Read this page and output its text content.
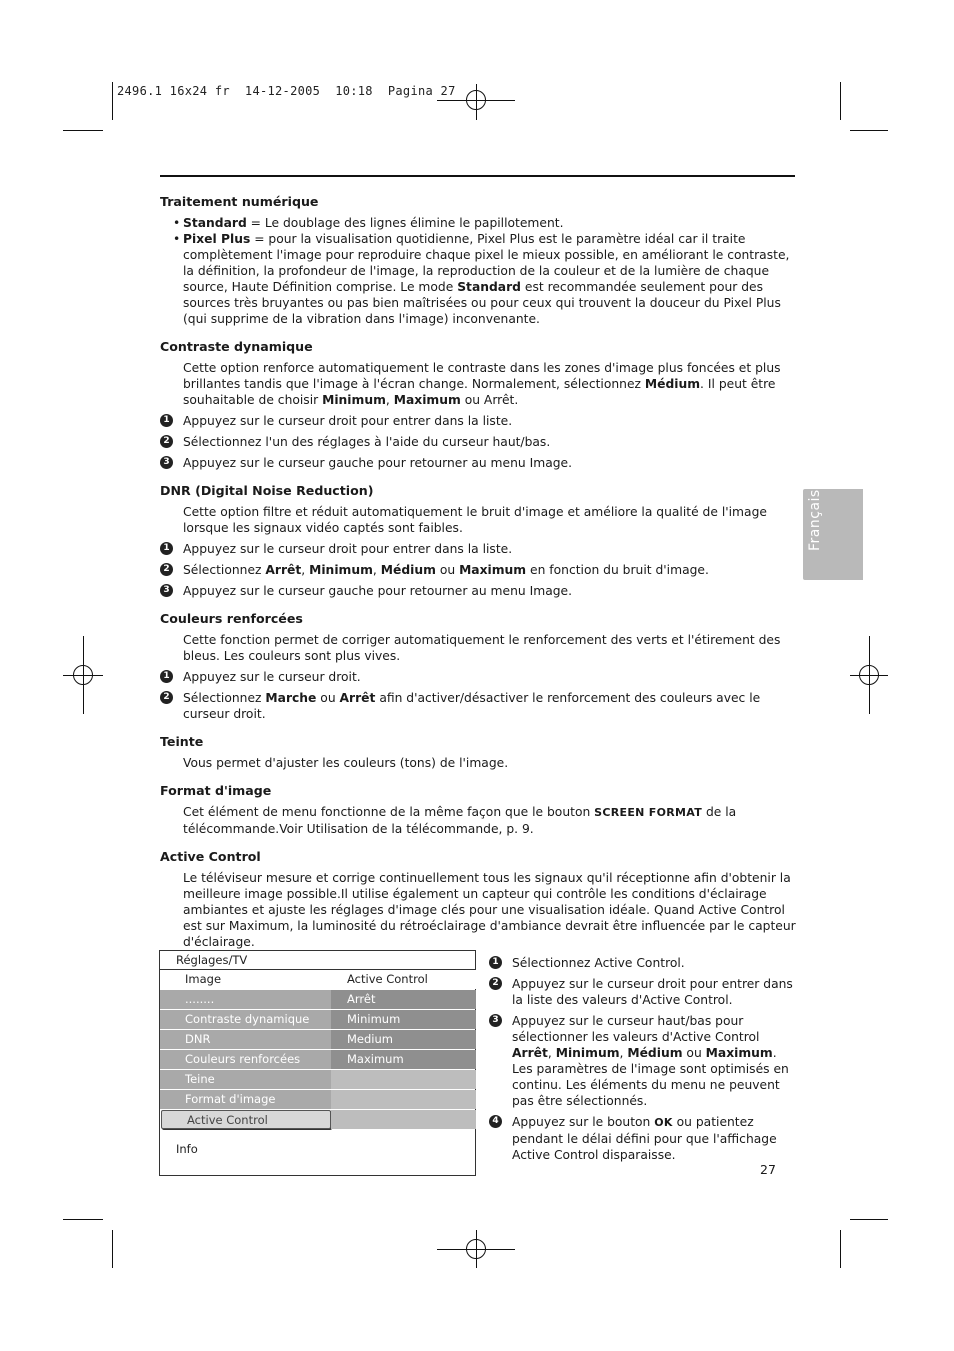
2496.1 16x24 fr  14-12-2005  10:18  Pagina 27
Français
Traitement numérique
• Standard = Le doublage des lignes élimine le papillotement.
• Pixel Plus = pour la visualisation quotidienne, Pixel Plus est le paramètre idéal car il traite complètement l'image pour reproduire chaque pixel le mieux possible, en améliorant le contraste, la définition, la profondeur de l'image, la reproduction de la couleur et de la lumière de chaque source, Haute Définition comprise. Le mode Standard est recommandée seulement pour des sources très bruyantes ou pas bien maîtrisées ou pour ceux qui trouvent la douceur du Pixel Plus (qui supprime de la vibration dans l'image) inconvenante.
Contraste dynamique
Cette option renforce automatiquement le contraste dans les zones d'image plus foncées et plus brillantes tandis que l'image à l'écran change. Normalement, sélectionnez Médium. Il peut être souhaitable de choisir Minimum, Maximum ou Arrêt.
1 Appuyez sur le curseur droit pour entrer dans la liste.
2 Sélectionnez l'un des réglages à l'aide du curseur haut/bas.
3 Appuyez sur le curseur gauche pour retourner au menu Image.
DNR (Digital Noise Reduction)
Cette option filtre et réduit automatiquement le bruit d'image et améliore la qualité de l'image lorsque les signaux vidéo captés sont faibles.
1 Appuyez sur le curseur droit pour entrer dans la liste.
2 Sélectionnez Arrêt, Minimum, Médium ou Maximum en fonction du bruit d'image.
3 Appuyez sur le curseur gauche pour retourner au menu Image.
Couleurs renforcées
Cette fonction permet de corriger automatiquement le renforcement des verts et l'étirement des bleus. Les couleurs sont plus vives.
1 Appuyez sur le curseur droit.
2 Sélectionnez Marche ou Arrêt afin d'activer/désactiver le renforcement des couleurs avec le curseur droit.
Teinte
Vous permet d'ajuster les couleurs (tons) de l'image.
Format d'image
Cet élément de menu fonctionne de la même façon que le bouton SCREEN FORMAT de la télécommande.Voir Utilisation de la télécommande, p. 9.
Active Control
Le téléviseur mesure et corrige continuellement tous les signaux qu'il réceptionne afin d'obtenir la meilleure image possible.Il utilise également un capteur qui contrôle les conditions d'éclairage ambiantes et ajuste les réglages d'image clés pour une visualisation idéale. Quand Active Control est sur Maximum, la luminosité du rétroéclairage d'ambiance devrait être influencée par le capteur d'éclairage.
Réglages/TV
Image
........
Contraste dynamique
DNR
Couleurs renforcées
Teine
Format d'image
Active Control
Active Control
Arrêt
Minimum
Medium
Maximum
Info
1 Sélectionnez Active Control.
2 Appuyez sur le curseur droit pour entrer dans la liste des valeurs d'Active Control.
3 Appuyez sur le curseur haut/bas pour sélectionner les valeurs d'Active Control Arrêt, Minimum, Médium ou Maximum.
Les paramètres de l'image sont optimisés en continu. Les éléments du menu ne peuvent pas être sélectionnés.
4 Appuyez sur le bouton OK ou patientez pendant le délai défini pour que l'affichage Active Control disparaisse.
27
